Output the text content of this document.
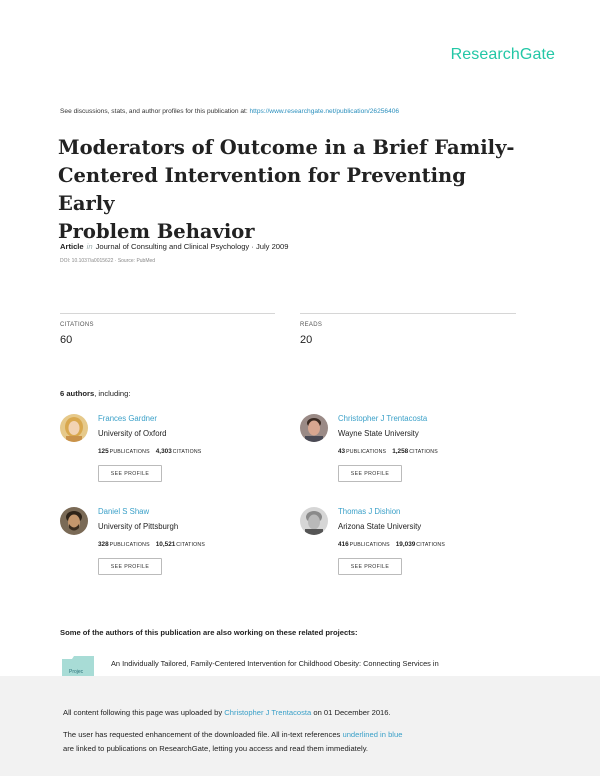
ResearchGate
See discussions, stats, and author profiles for this publication at: https://www.researchgate.net/publication/26256406
Moderators of Outcome in a Brief Family-
Centered Intervention for Preventing Early
Problem Behavior
Article in Journal of Consulting and Clinical Psychology · July 2009
DOI: 10.1037/a0015622 · Source: PubMed
CITATIONS
60
READS
20
6 authors, including:
Frances Gardner
University of Oxford
125PUBLICATIONS 4,303CITATIONS
SEE PROFILE
Christopher J Trentacosta
Wayne State University
43PUBLICATIONS 1,258CITATIONS
SEE PROFILE
Daniel S Shaw
University of Pittsburgh
328PUBLICATIONS 10,521CITATIONS
SEE PROFILE
Thomas J Dishion
Arizona State University
416PUBLICATIONS 19,039CITATIONS
SEE PROFILE
Some of the authors of this publication are also working on these related projects:
Projec
An Individually Tailored, Family-Centered Intervention for Childhood Obesity: Connecting Services in

All content following this page was uploaded by Christopher J Trentacosta on 01 December 2016.

The user has requested enhancement of the downloaded file. All in-text references underlined in blue

are linked to publications on ResearchGate, letting you access and read them immediately.
